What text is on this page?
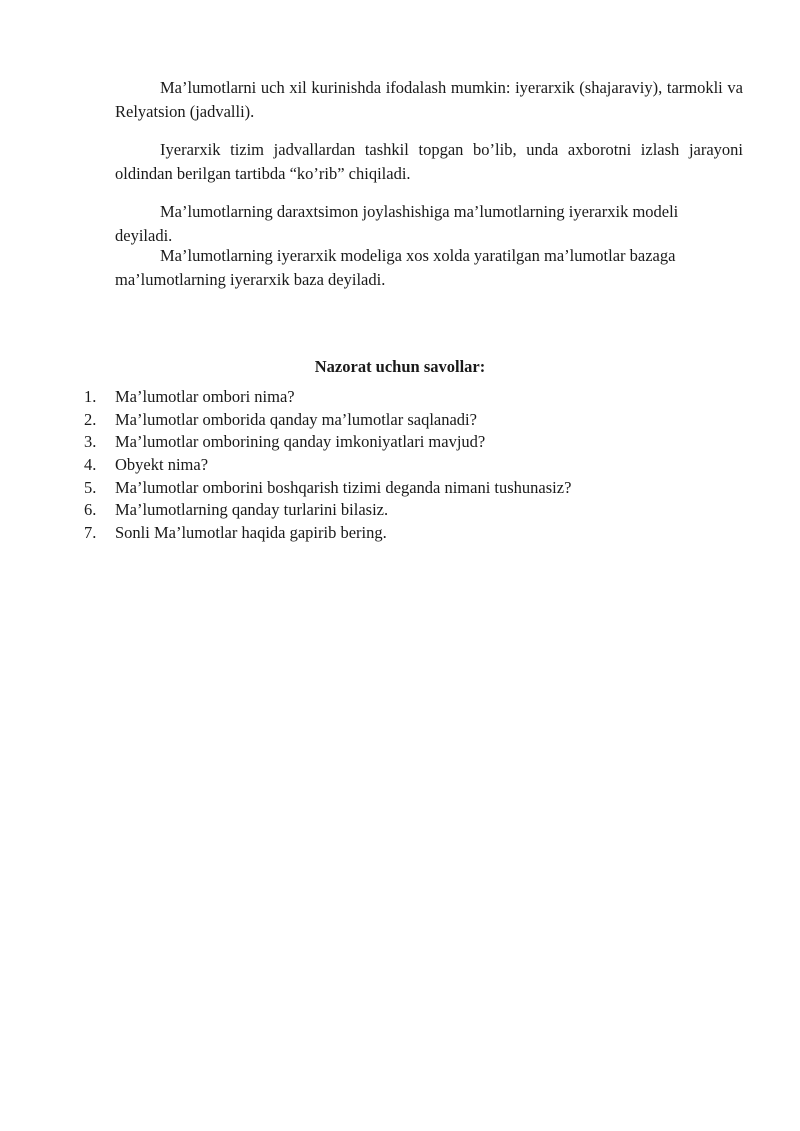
Ma’lumotlarni uch xil kurinishda ifodalash mumkin: iyerarxik (shajaraviy), tarmokli va Relyatsion (jadvalli).

Iyerarxik tizim jadvallardan tashkil topgan bo’lib, unda axborotni izlash jarayoni oldindan berilgan tartibda “ko’rib” chiqiladi.

Ma’lumotlarning daraxtsimon joylashishiga ma’lumotlarning iyerarxik modeli deyiladi.

Ma’lumotlarning iyerarxik modeliga xos xolda yaratilgan ma’lumotlar bazaga ma’lumotlarning iyerarxik baza deyiladi.

Nazorat uchun savollar:
1.	Ma’lumotlar ombori nima?
2.	Ma’lumotlar omborida qanday ma’lumotlar saqlanadi?
3.	Ma’lumotlar omborining qanday imkoniyatlari mavjud?
4.	Obyekt nima?
5.	Ma’lumotlar omborini boshqarish tizimi deganda nimani tushunasiz?
6.	Ma’lumotlarning qanday turlarini bilasiz.
7.	Sonli Ma’lumotlar haqida gapirib bering.
